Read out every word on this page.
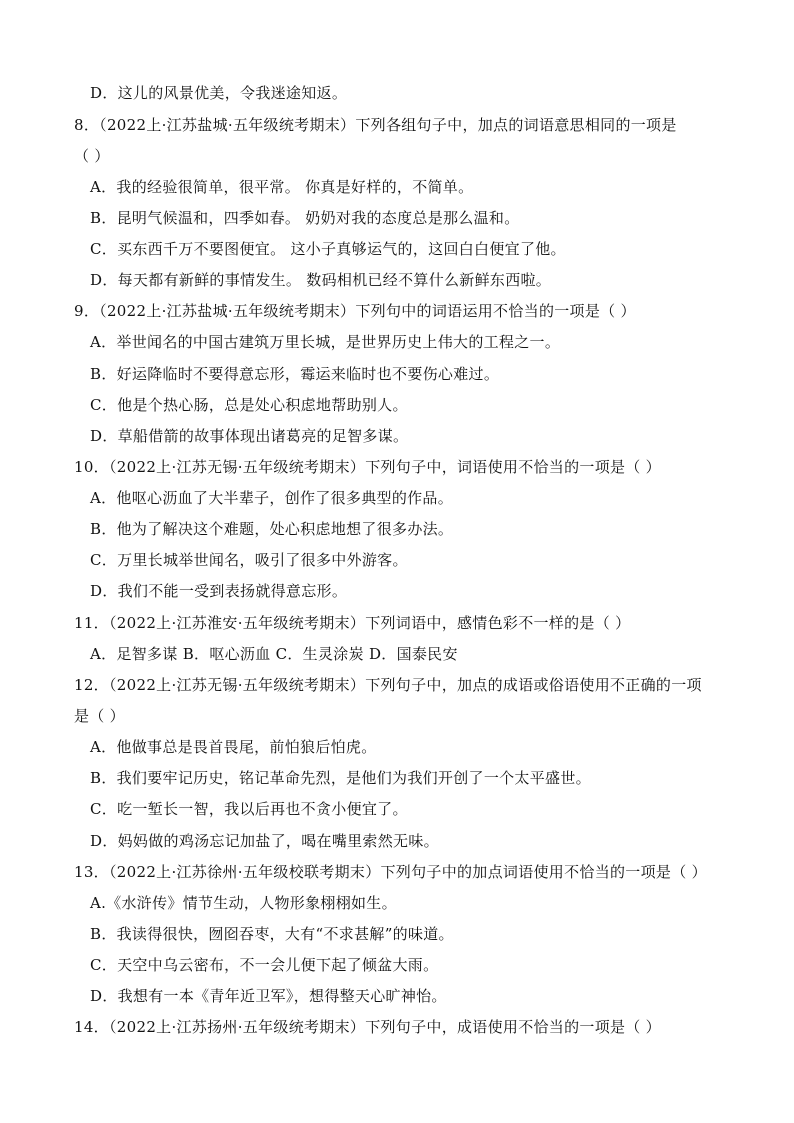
D．这儿的风景优美，令我迷途知返。
8．（2022上·江苏盐城·五年级统考期末）下列各组句子中，加点的词语意思相同的一项是
（ ）
A．我的经验很简单，很平常。 你真是好样的，不简单。
B．昆明气候温和，四季如春。 奶奶对我的态度总是那么温和。
C．买东西千万不要图便宜。 这小子真够运气的，这回白白便宜了他。
D．每天都有新鲜的事情发生。 数码相机已经不算什么新鲜东西啦。
9．（2022上·江苏盐城·五年级统考期末）下列句中的词语运用不恰当的一项是（ ）
A．举世闻名的中国古建筑万里长城，是世界历史上伟大的工程之一。
B．好运降临时不要得意忘形，霉运来临时也不要伤心难过。
C．他是个热心肠，总是处心积虑地帮助别人。
D．草船借箭的故事体现出诸葛亮的足智多谋。
10．（2022上·江苏无锡·五年级统考期末）下列句子中，词语使用不恰当的一项是（ ）
A．他呕心沥血了大半辈子，创作了很多典型的作品。
B．他为了解决这个难题，处心积虑地想了很多办法。
C．万里长城举世闻名，吸引了很多中外游客。
D．我们不能一受到表扬就得意忘形。
11．（2022上·江苏淮安·五年级统考期末）下列词语中，感情色彩不一样的是（ ）
A．足智多谋 B．呕心沥血 C．生灵涂炭 D．国泰民安
12．（2022上·江苏无锡·五年级统考期末）下列句子中，加点的成语或俗语使用不正确的一项
是（ ）
A．他做事总是畏首畏尾，前怕狼后怕虎。
B．我们要牢记历史，铭记革命先烈，是他们为我们开创了一个太平盛世。
C．吃一堑长一智，我以后再也不贪小便宜了。
D．妈妈做的鸡汤忘记加盐了，喝在嘴里索然无味。
13．（2022上·江苏徐州·五年级校联考期末）下列句子中的加点词语使用不恰当的一项是（ ）
A.《水浒传》情节生动，人物形象栩栩如生。
B．我读得很快，囫囵吞枣，大有“不求甚解”的味道。
C．天空中乌云密布，不一会儿便下起了倾盆大雨。
D．我想有一本《青年近卫军》，想得整天心旷神怡。
14．（2022上·江苏扬州·五年级统考期末）下列句子中，成语使用不恰当的一项是（ ）
